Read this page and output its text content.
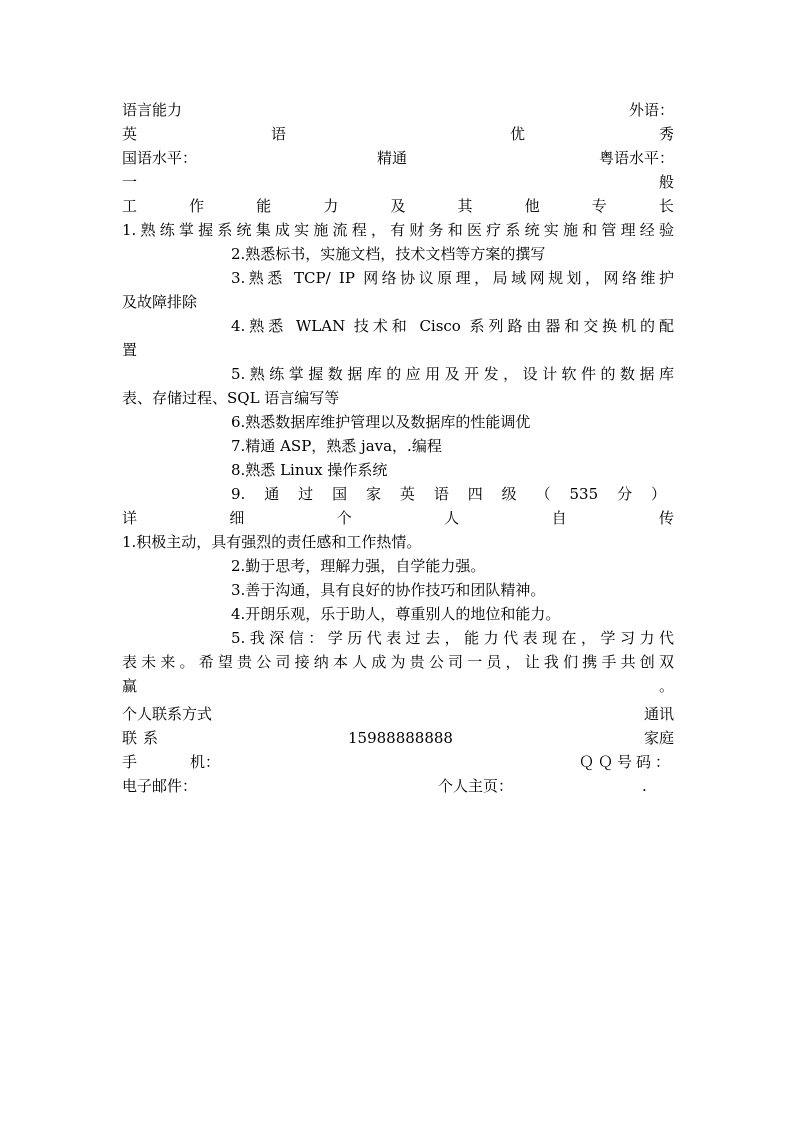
语言能力	外语：
英	语	优	秀
国语水平：	精通	粤语水平：
一	般
工	作	能	力	及	其	他	专	长
1.熟练掌握系统集成实施流程，有财务和医疗系统实施和管理经验
2.熟悉标书，实施文档，技术文档等方案的撰写
3.熟悉 TCP/ IP 网络协议原理，局域网规划，网络维护
及故障排除
4.熟悉 WLAN 技术和 Cisco 系列路由器和交换机的配
置
5.熟练掌握数据库的应用及开发，设计软件的数据库
表、存储过程、SQL 语言编写等
6.熟悉数据库维护管理以及数据库的性能调优
7.精通 ASP，熟悉 java，.编程
8.熟悉 Linux 操作系统
9. 通 过 国 家 英 语 四 级 （ 535 分 ）
详	细	个	人	自	传
1.积极主动，具有强烈的责任感和工作热情。
2.勤于思考，理解力强，自学能力强。
3.善于沟通，具有良好的协作技巧和团队精神。
4.开朗乐观，乐于助人，尊重别人的地位和能力。
5.我深信：学历代表过去，能力代表现在，学习力代
表未来。希望贵公司接纳本人成为贵公司一员，让我们携手共创双
赢	。
个人联系方式	通讯
联系	15988888888	家庭
手	机：	ＱＱ号码：
电子邮件：	个人主页：	.
